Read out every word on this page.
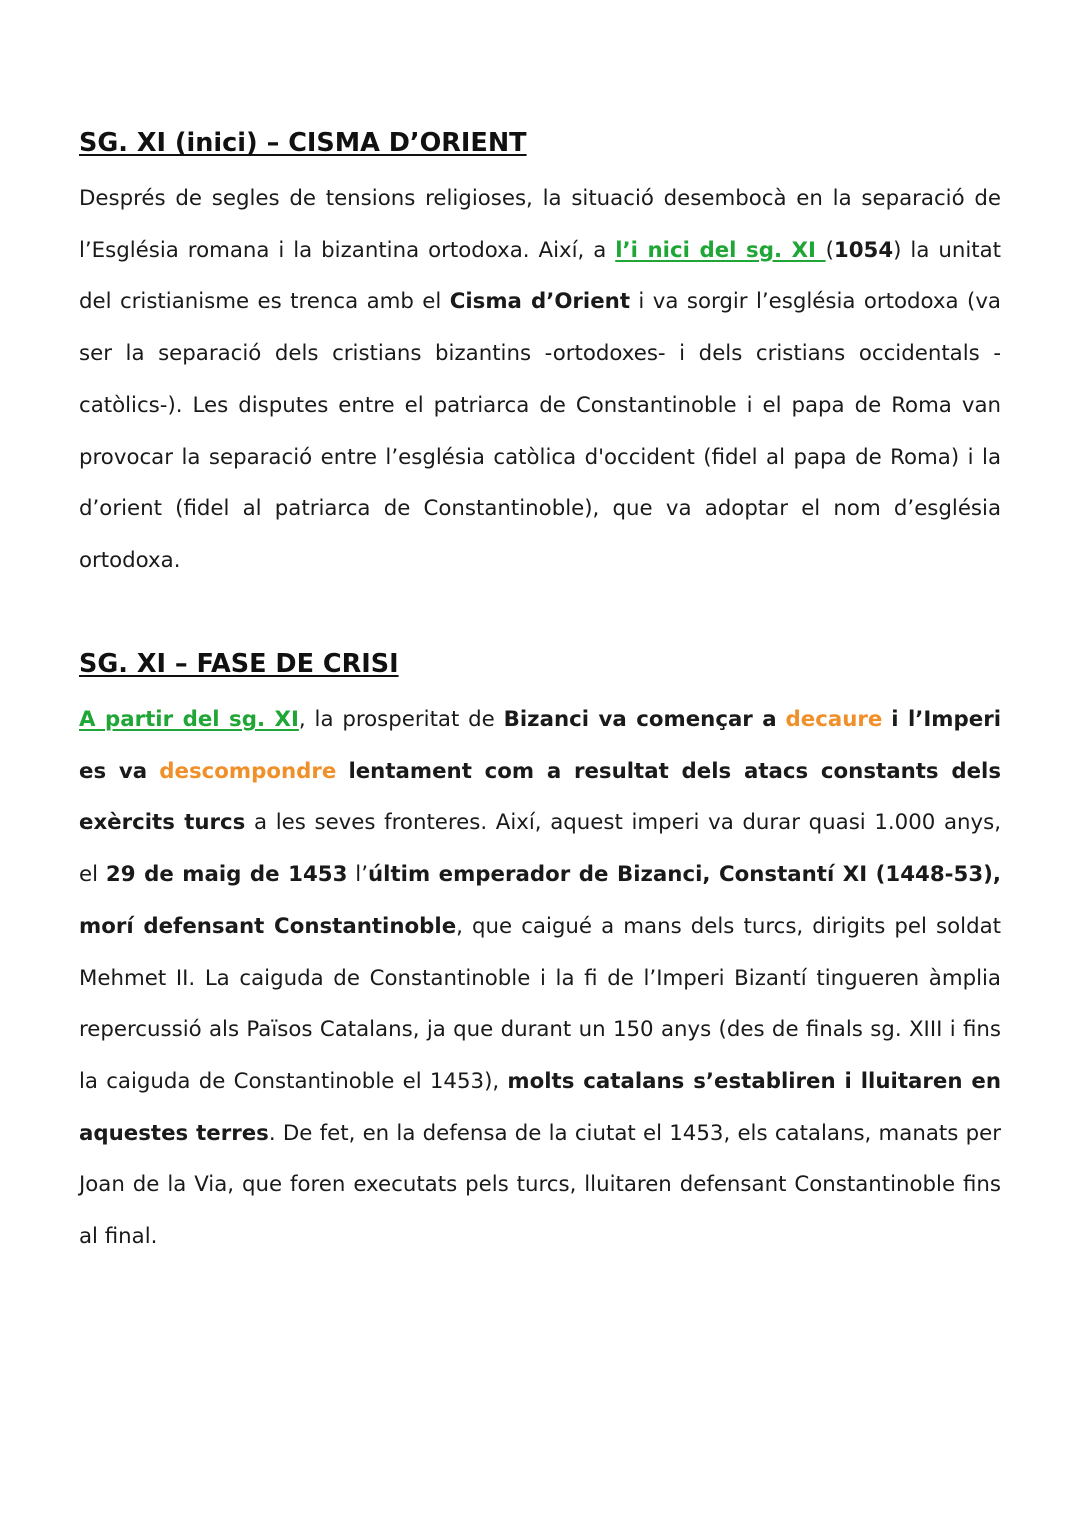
SG. XI (inici) – CISMA D’ORIENT

Després de segles de tensions religioses, la situació desembocà en la separació de l’Església romana i la bizantina ortodoxa. Així, a l’i nici del sg. XI (1054) la unitat del cristianisme es trenca amb el Cisma d’Orient i va sorgir l’església ortodoxa (va ser la separació dels cristians bizantins -ortodoxes- i dels cristians occidentals -catòlics-). Les disputes entre el patriarca de Constantinoble i el papa de Roma van provocar la separació entre l’església catòlica d'occident (fidel al papa de Roma) i la d’orient (fidel al patriarca de Constantinoble), que va adoptar el nom d’església ortodoxa.

SG. XI – FASE DE CRISI

A partir del sg. XI, la prosperitat de Bizanci va començar a decaure i l’Imperi es va descompondre lentament com a resultat dels atacs constants dels exèrcits turcs a les seves fronteres. Així, aquest imperi va durar quasi 1.000 anys, el 29 de maig de 1453 l’últim emperador de Bizanci, Constantí XI (1448-53), morí defensant Constantinoble, que caigué a mans dels turcs, dirigits pel soldat Mehmet II. La caiguda de Constantinoble i la fi de l’Imperi Bizantí tingueren àmplia repercussió als Països Catalans, ja que durant un 150 anys (des de finals sg. XIII i fins la caiguda de Constantinoble el 1453), molts catalans s’establiren i lluitaren en aquestes terres. De fet, en la defensa de la ciutat el 1453, els catalans, manats per Joan de la Via, que foren executats pels turcs, lluitaren defensant Constantinoble fins al final.
